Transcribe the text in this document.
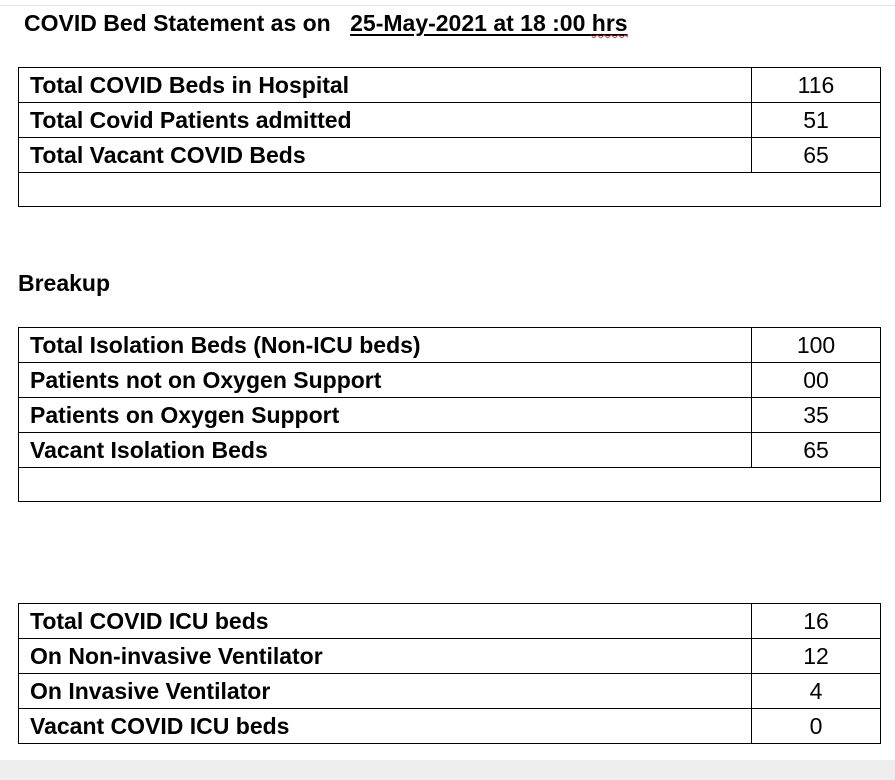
COVID Bed Statement as on 25-May-2021 at 18 :00 hrs
Total COVID Beds in Hospital	116
Total Covid Patients admitted	51
Total Vacant COVID Beds	65

Breakup
Total Isolation Beds (Non-ICU beds)	100
Patients not on Oxygen Support	00
Patients on Oxygen Support	35
Vacant Isolation Beds	65

Total COVID ICU beds	16
On Non-invasive Ventilator	12
On Invasive Ventilator	4
Vacant COVID ICU beds	0
